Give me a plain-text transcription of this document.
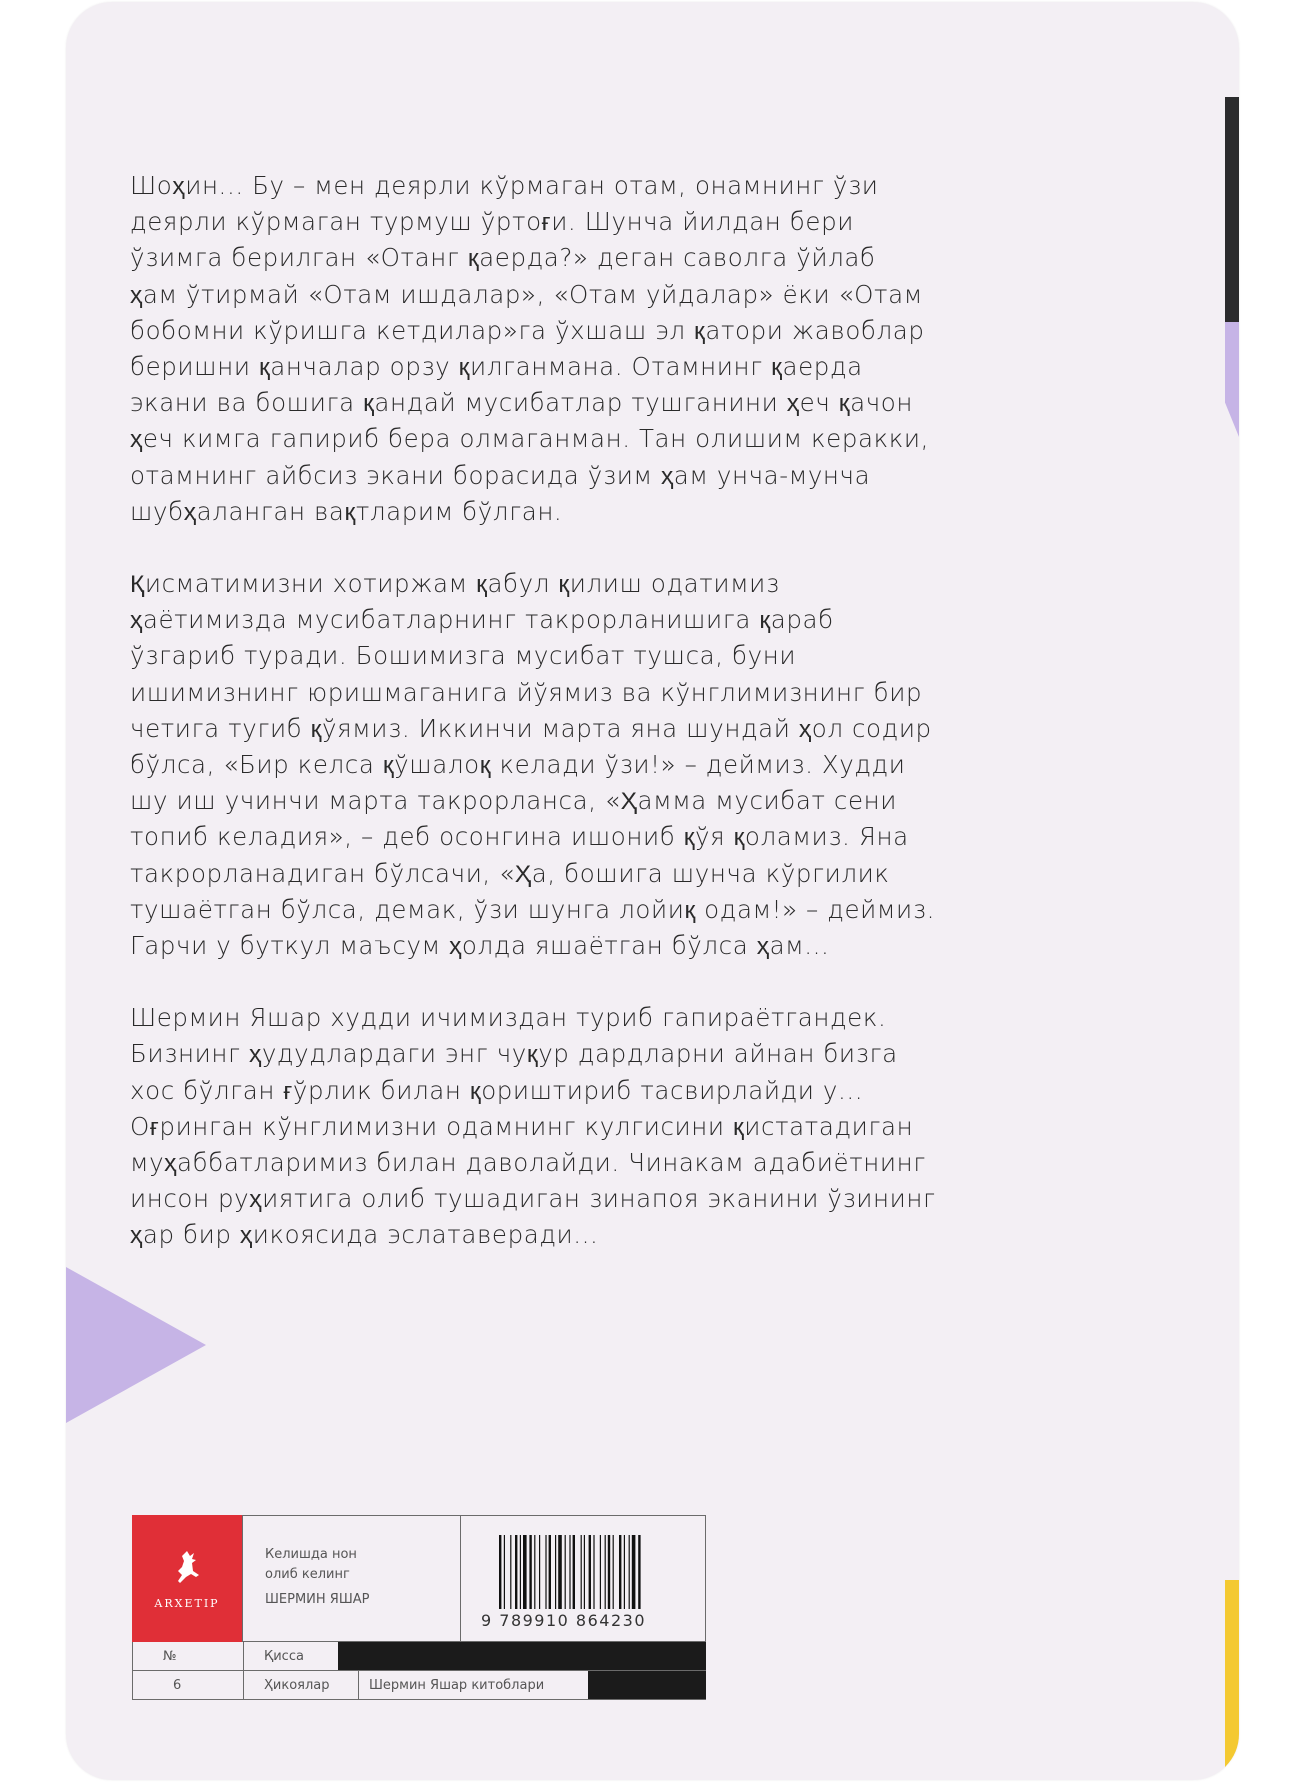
Шоҳин... Бу – мен деярли кўрмаган отам, онамнинг ўзи
деярли кўрмаган турмуш ўртоғи. Шунча йилдан бери
ўзимга берилган «Отанг қаерда?» деган саволга ўйлаб
ҳам ўтирмай «Отам ишдалар», «Отам уйдалар» ёки «Отам
бобомни кўришга кетдилар»га ўхшаш эл қатори жавоблар
беришни қанчалар орзу қилганмана. Отамнинг қаерда
экани ва бошига қандай мусибатлар тушганини ҳеч қачон
ҳеч кимга гапириб бера олмаганман. Тан олишим керакки,
отамнинг айбсиз экани борасида ўзим ҳам унча-мунча
шубҳаланган вақтларим бўлган.

Қисматимизни хотиржам қабул қилиш одатимиз
ҳаётимизда мусибатларнинг такрорланишига қараб
ўзгариб туради. Бошимизга мусибат тушса, буни
ишимизнинг юришмаганига йўямиз ва кўнглимизнинг бир
четига тугиб қўямиз. Иккинчи марта яна шундай ҳол содир
бўлса, «Бир келса қўшалоқ келади ўзи!» – деймиз. Худди
шу иш учинчи марта такрорланса, «Ҳамма мусибат сени
топиб келадия», – деб осонгина ишониб қўя қоламиз. Яна
такрорланадиган бўлсачи, «Ҳа, бошига шунча кўргилик
тушаётган бўлса, демак, ўзи шунга лойиқ одам!» – деймиз.
Гарчи у буткул маъсум ҳолда яшаётган бўлса ҳам...

Шермин Яшар худди ичимиздан туриб гапираётгандек.
Бизнинг ҳудудлардаги энг чуқур дардларни айнан бизга
хос бўлган ғўрлик билан қориштириб тасвирлайди у...
Оғринган кўнглимизни одамнинг кулгисини қистатадиган
муҳаббатларимиз билан даволайди. Чинакам адабиётнинг
инсон руҳиятига олиб тушадиган зинапоя эканини ўзининг
ҳар бир ҳикоясида эслатаверади...

ARXETIP
Келишда нон
олиб келинг
ШЕРМИН ЯШАР
9 789910 864230
№	Қисса
6	Ҳикоялар	Шермин Яшар китоблари
